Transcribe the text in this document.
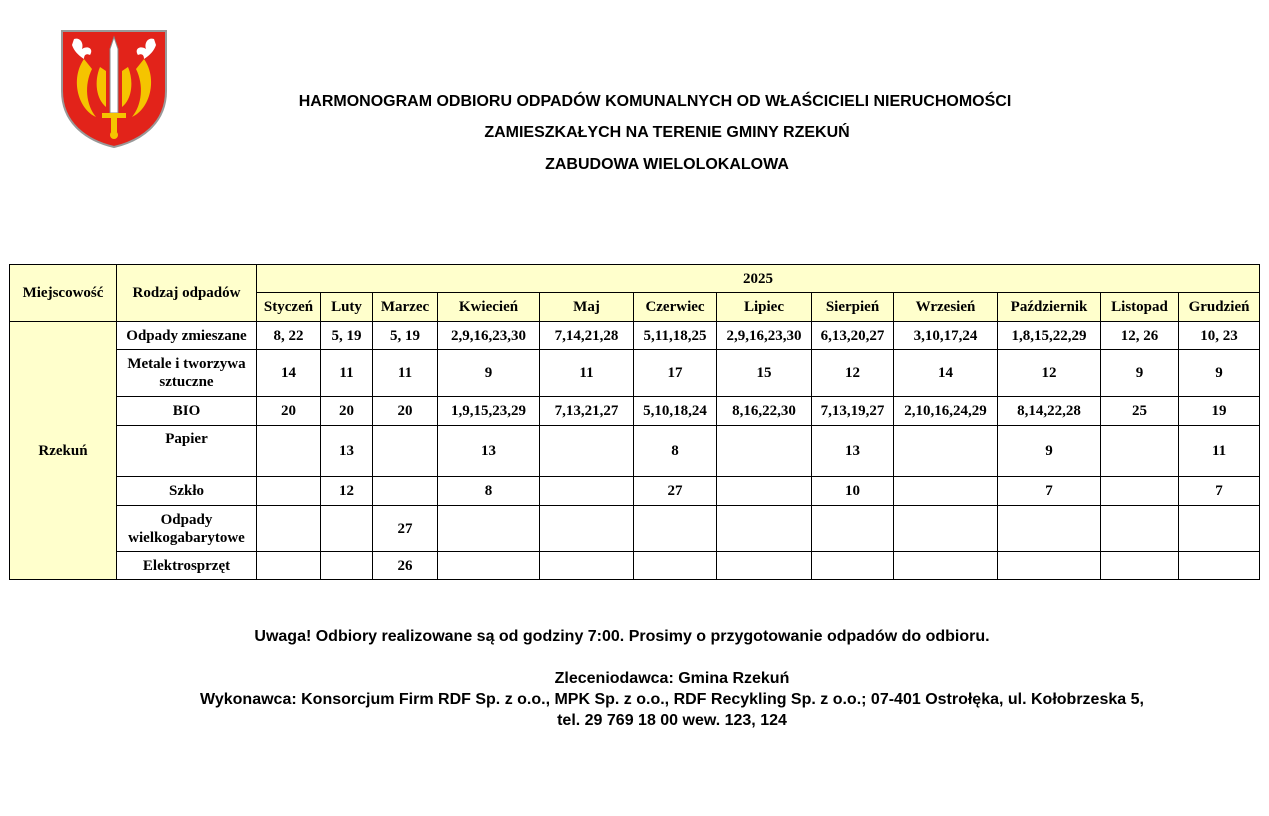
HARMONOGRAM ODBIORU ODPADÓW KOMUNALNYCH OD WŁAŚCICIELI NIERUCHOMOŚCI
ZAMIESZKAŁYCH NA TERENIE GMINY RZEKUŃ
ZABUDOWA WIELOLOKALOWA
Miejscowość	Rodzaj odpadów	2025											
		Styczeń	Luty	Marzec	Kwiecień	Maj	Czerwiec	Lipiec	Sierpień	Wrzesień	Październik	Listopad	Grudzień
Rzekuń	Odpady zmieszane	8, 22	5, 19	5, 19	2,9,16,23,30	7,14,21,28	5,11,18,25	2,9,16,23,30	6,13,20,27	3,10,17,24	1,8,15,22,29	12, 26	10, 23
	Metale i tworzywa sztuczne	14	11	11	9	11	17	15	12	14	12	9	9
	BIO	20	20	20	1,9,15,23,29	7,13,21,27	5,10,18,24	8,16,22,30	7,13,19,27	2,10,16,24,29	8,14,22,28	25	19
	Papier		13		13		8		13		9		11
	Szkło		12		8		27		10		7		7
	Odpady wielkogabarytowe			27									
	Elektrosprzęt			26									
Uwaga! Odbiory realizowane są od godziny 7:00. Prosimy o przygotowanie odpadów do odbioru.
Zleceniodawca: Gmina Rzekuń
Wykonawca: Konsorcjum Firm RDF Sp. z o.o., MPK Sp. z o.o., RDF Recykling Sp. z o.o.; 07-401 Ostrołęka, ul. Kołobrzeska 5,
tel. 29 769 18 00 wew. 123, 124
